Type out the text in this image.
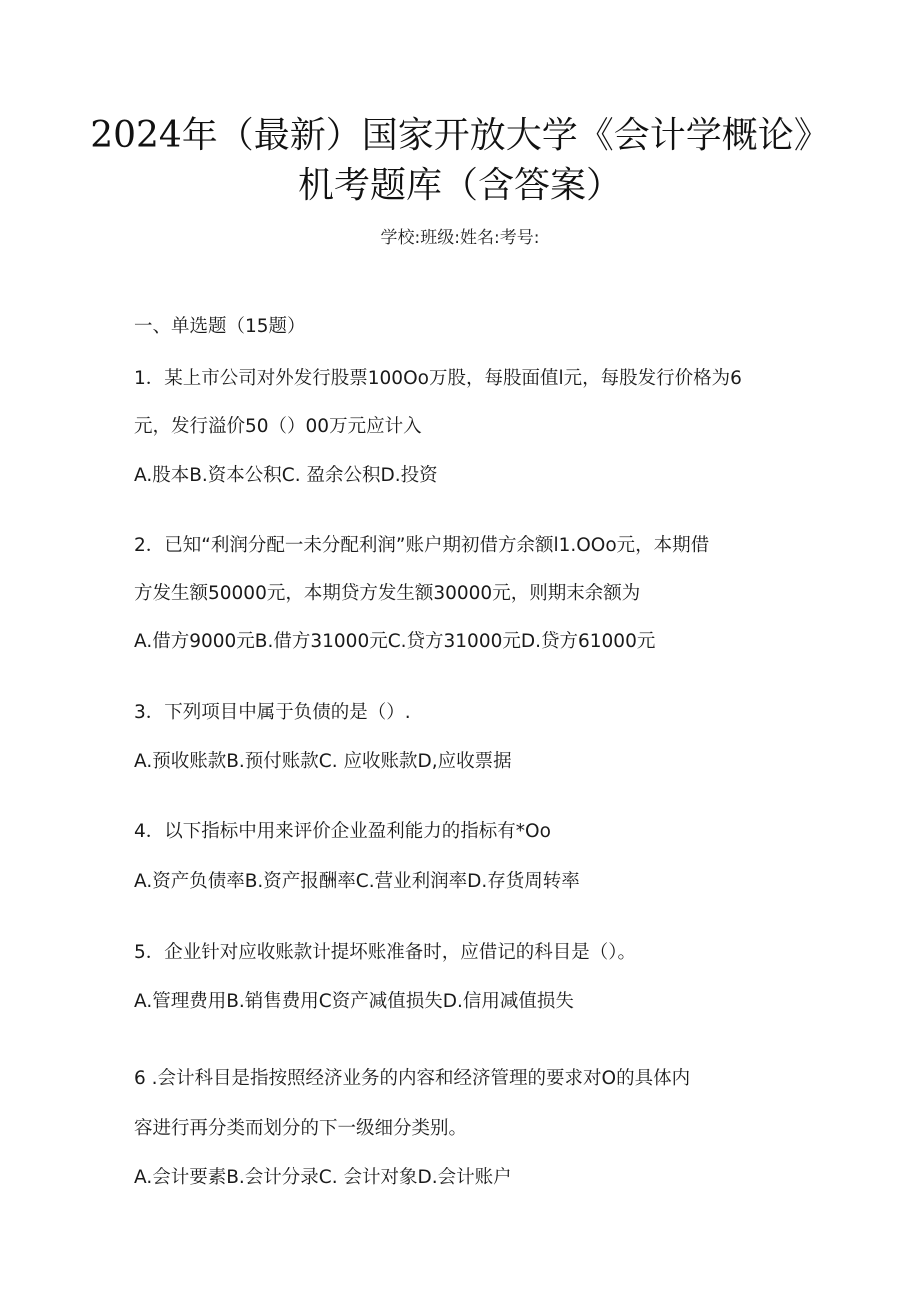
2024年（最新）国家开放大学《会计学概论》
机考题库（含答案）
学校:班级:姓名:考号:
一、单选题（15题）
1．某上市公司对外发行股票100Oo万股，每股面值l元，每股发行价格为6
元，发行溢价50（）00万元应计入
A.股本B.资本公积C. 盈余公积D.投资
2．已知“利润分配一未分配利润”账户期初借方余额l1.OOo元，本期借
方发生额50000元，本期贷方发生额30000元，则期末余额为
A.借方9000元B.借方31000元C.贷方31000元D.贷方61000元
3．下列项目中属于负债的是（）.
A.预收账款B.预付账款C. 应收账款D,应收票据
4．以下指标中用来评价企业盈利能力的指标有*Oo
A.资产负债率B.资产报酬率C.营业利润率D.存货周转率
5．企业针对应收账款计提坏账准备时，应借记的科目是（）。
A.管理费用B.销售费用C资产减值损失D.信用减值损失
6 .会计科目是指按照经济业务的内容和经济管理的要求对O的具体内
容进行再分类而划分的下一级细分类别。
A.会计要素B.会计分录C. 会计对象D.会计账户
